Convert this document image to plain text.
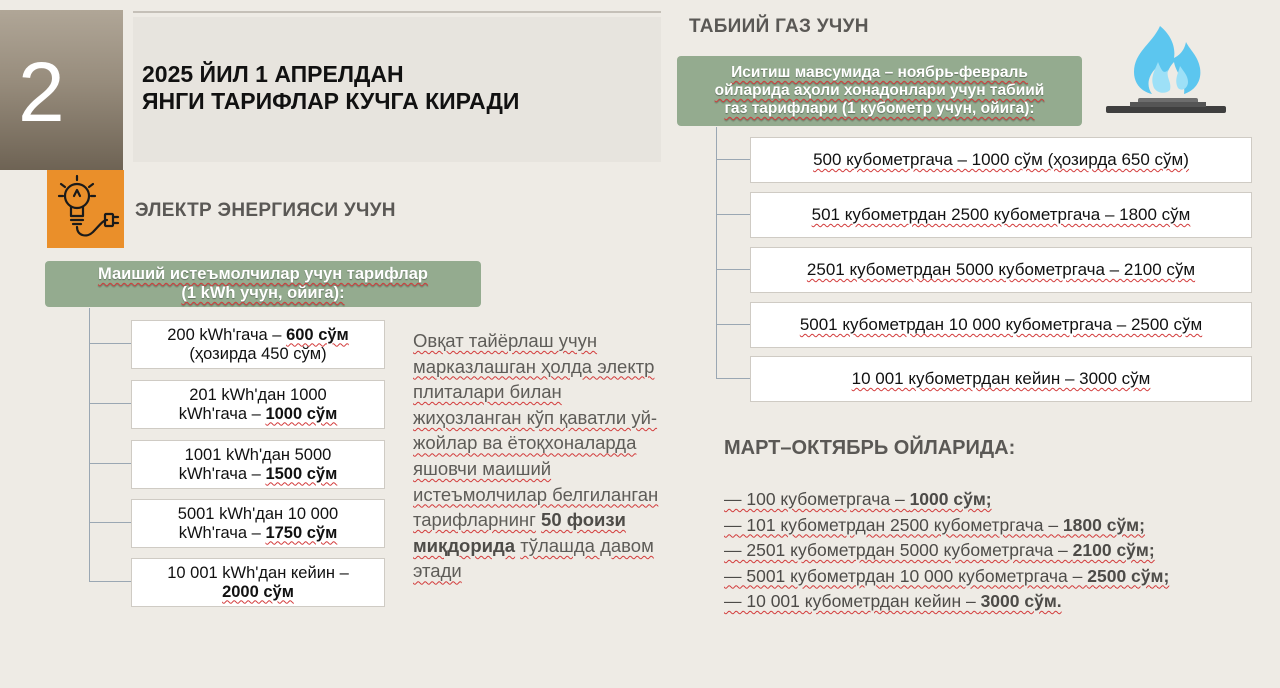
2	2025 ЙИЛ 1 АПРЕЛДАН
ЯНГИ ТАРИФЛАР КУЧГА КИРАДИ
ЭЛЕКТР ЭНЕРГИЯСИ УЧУН
Маиший истеъмолчилар учун тарифлар
(1 kWh учун, ойига):
200 kWh'гача – 600 сўм
(ҳозирда 450 сўм)
201 kWh'дан 1000
kWh'гача – 1000 сўм
1001 kWh'дан 5000
kWh'гача – 1500 сўм
5001 kWh'дан 10 000
kWh'гача – 1750 сўм
10 001 kWh'дан кейин –
2000 сўм
Овқат тайёрлаш учун марказлашган ҳолда электр плиталари билан жиҳозланган кўп қаватли уй-жойлар ва ётоқхоналарда яшовчи маиший истеъмолчилар белгиланган тарифларнинг 50 фоизи миқдорида тўлашда давом этади
ТАБИИЙ ГАЗ УЧУН
Иситиш мавсумида – ноябрь-февраль
ойларида аҳоли хонадонлари учун табиий
газ тарифлари (1 кубометр учун, ойига):
500 кубометргача – 1000 сўм (ҳозирда 650 сўм)
501 кубометрдан 2500 кубометргача – 1800 сўм
2501 кубометрдан 5000 кубометргача – 2100 сўм
5001 кубометрдан 10 000 кубометргача – 2500 сўм
10 001 кубометрдан кейин – 3000 сўм
МАРТ–ОКТЯБРЬ ОЙЛАРИДА:
— 100 кубометргача – 1000 сўм;
— 101 кубометрдан 2500 кубометргача – 1800 сўм;
— 2501 кубометрдан 5000 кубометргача – 2100 сўм;
— 5001 кубометрдан 10 000 кубометргача – 2500 сўм;
— 10 001 кубометрдан кейин – 3000 сўм.
